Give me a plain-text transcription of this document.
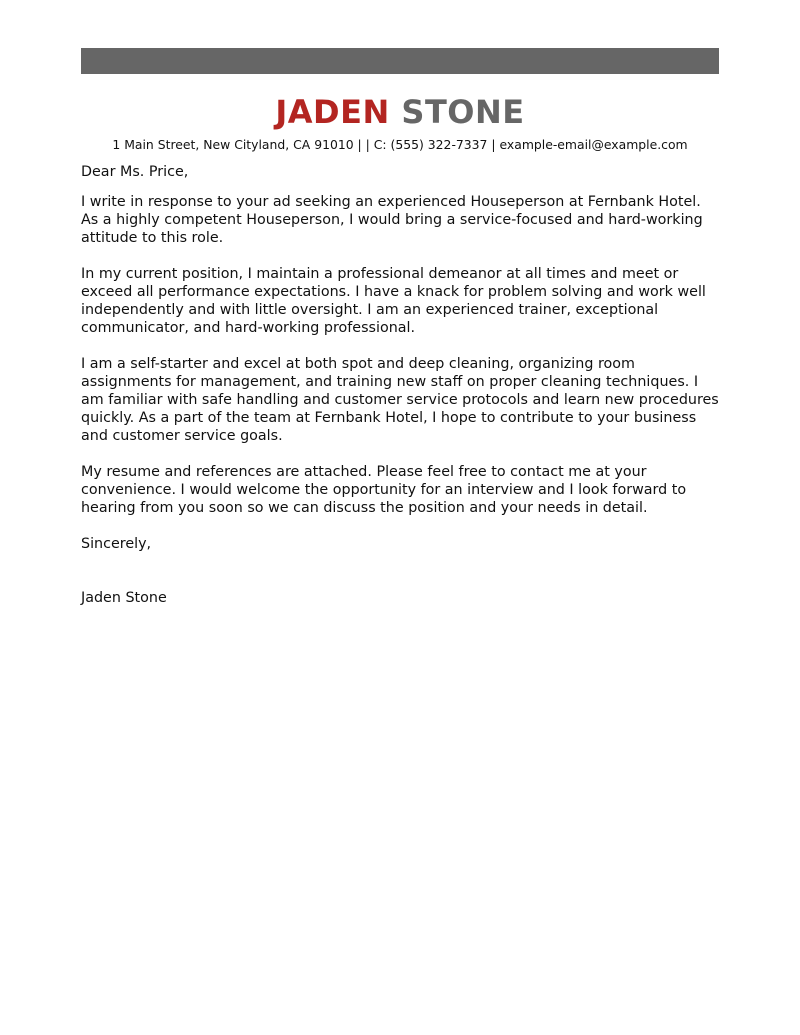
JADEN STONE
1 Main Street, New Cityland, CA 91010 | | C: (555) 322-7337 | example-email@example.com

Dear Ms. Price,

I write in response to your ad seeking an experienced Houseperson at Fernbank Hotel. As a highly competent Houseperson, I would bring a service-focused and hard-working attitude to this role.

In my current position, I maintain a professional demeanor at all times and meet or exceed all performance expectations. I have a knack for problem solving and work well independently and with little oversight. I am an experienced trainer, exceptional communicator, and hard-working professional.

I am a self-starter and excel at both spot and deep cleaning, organizing room assignments for management, and training new staff on proper cleaning techniques. I am familiar with safe handling and customer service protocols and learn new procedures quickly. As a part of the team at Fernbank Hotel, I hope to contribute to your business and customer service goals.

My resume and references are attached. Please feel free to contact me at your convenience. I would welcome the opportunity for an interview and I look forward to hearing from you soon so we can discuss the position and your needs in detail.

Sincerely,

Jaden Stone
